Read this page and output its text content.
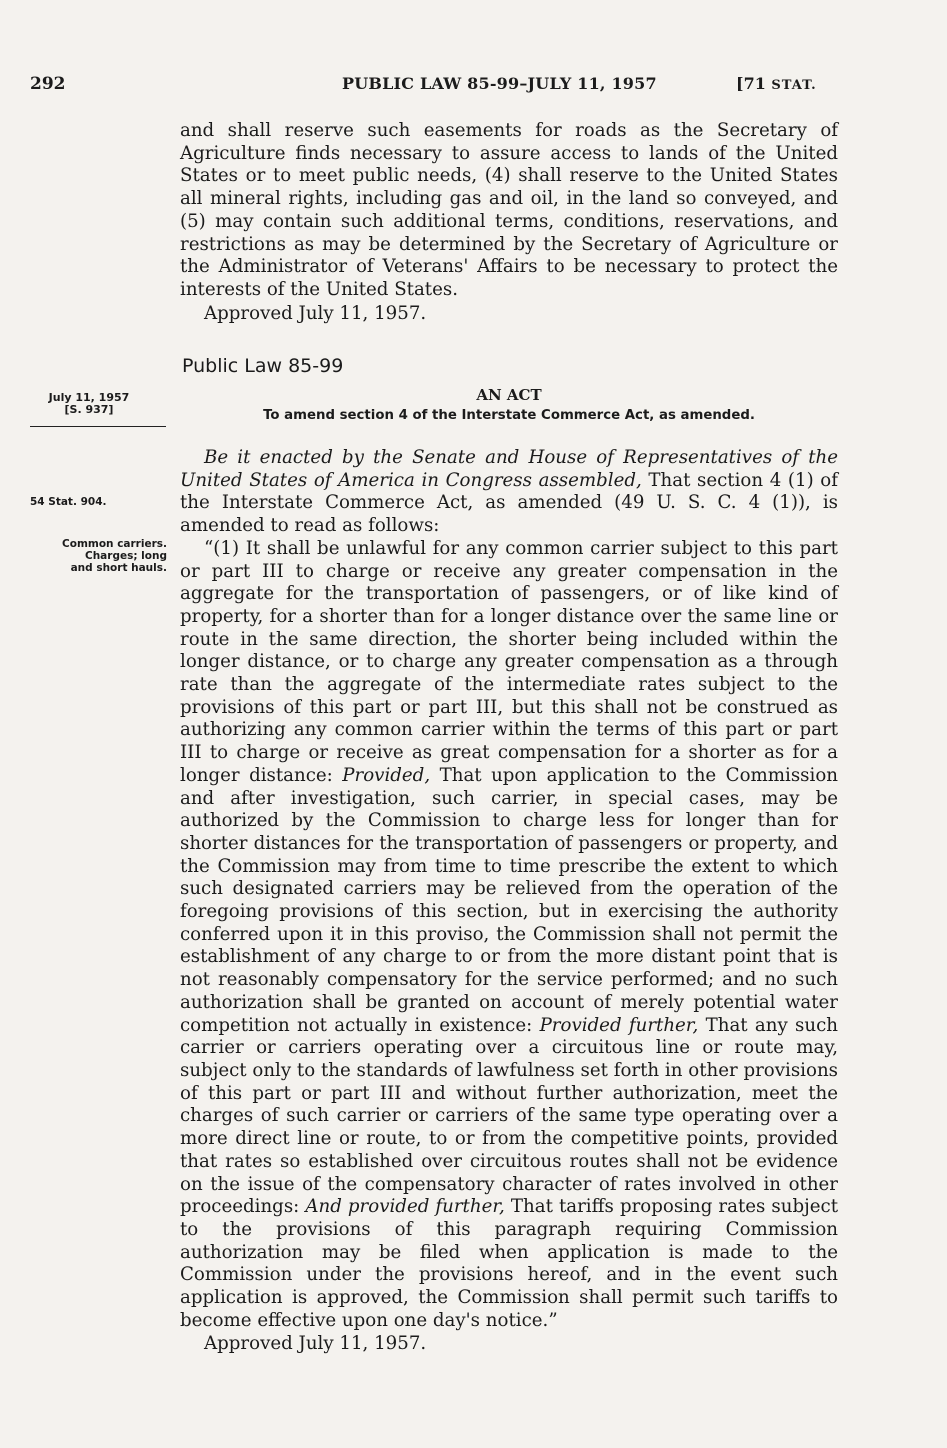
292	PUBLIC LAW 85-99–JULY 11, 1957	[71 STAT.

and shall reserve such easements for roads as the Secretary of Agriculture finds necessary to assure access to lands of the United States or to meet public needs, (4) shall reserve to the United States all mineral rights, including gas and oil, in the land so conveyed, and (5) may contain such additional terms, conditions, reservations, and restrictions as may be determined by the Secretary of Agriculture or the Administrator of Veterans' Affairs to be necessary to protect the interests of the United States.

Approved July 11, 1957.

Public Law 85-99
July 11, 1957
[S. 937]
AN ACT
To amend section 4 of the Interstate Commerce Act, as amended.
54 Stat. 904.
Common carriers.
Charges; long
and short hauls.

Be it enacted by the Senate and House of Representatives of the United States of America in Congress assembled, That section 4 (1) of the Interstate Commerce Act, as amended (49 U. S. C. 4 (1)), is amended to read as follows:

“(1) It shall be unlawful for any common carrier subject to this part or part III to charge or receive any greater compensation in the aggregate for the transportation of passengers, or of like kind of property, for a shorter than for a longer distance over the same line or route in the same direction, the shorter being included within the longer distance, or to charge any greater compensation as a through rate than the aggregate of the intermediate rates subject to the provisions of this part or part III, but this shall not be construed as authorizing any common carrier within the terms of this part or part III to charge or receive as great compensation for a shorter as for a longer distance: Provided, That upon application to the Commission and after investigation, such carrier, in special cases, may be authorized by the Commission to charge less for longer than for shorter distances for the transportation of passengers or property, and the Commission may from time to time prescribe the extent to which such designated carriers may be relieved from the operation of the foregoing provisions of this section, but in exercising the authority conferred upon it in this proviso, the Commission shall not permit the establishment of any charge to or from the more distant point that is not reasonably compensatory for the service performed; and no such authorization shall be granted on account of merely potential water competition not actually in existence: Provided further, That any such carrier or carriers operating over a circuitous line or route may, subject only to the standards of lawfulness set forth in other provisions of this part or part III and without further authorization, meet the charges of such carrier or carriers of the same type operating over a more direct line or route, to or from the competitive points, provided that rates so established over circuitous routes shall not be evidence on the issue of the compensatory character of rates involved in other proceedings: And provided further, That tariffs proposing rates subject to the provisions of this paragraph requiring Commission authorization may be filed when application is made to the Commission under the provisions hereof, and in the event such application is approved, the Commission shall permit such tariffs to become effective upon one day's notice.”

Approved July 11, 1957.
